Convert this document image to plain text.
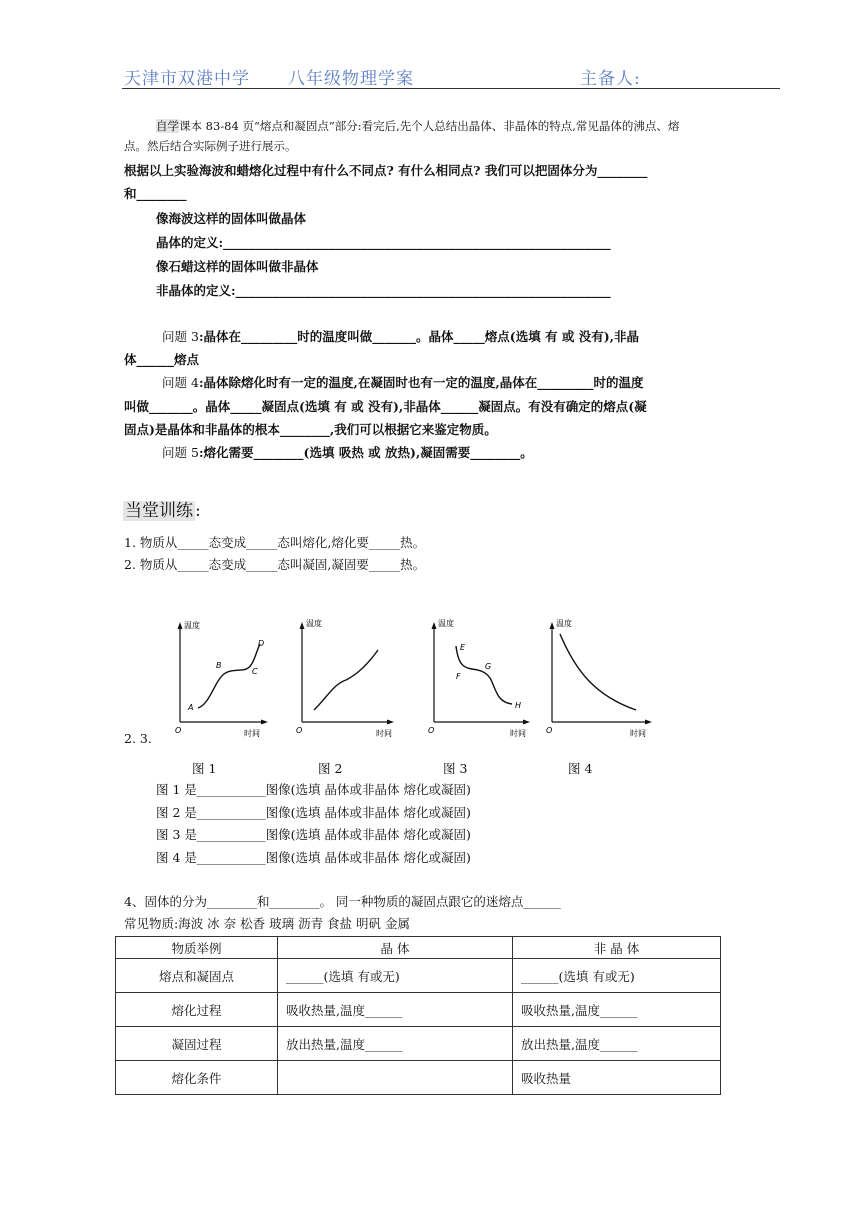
天津市双港中学 八年级物理学案	主备人:
自学课本 83-84 页“熔点和凝固点”部分:看完后,先个人总结出晶体、非晶体的特点,常见晶体的沸点、熔
点。然后结合实际例子进行展示。
根据以上实验海波和蜡熔化过程中有什么不同点? 有什么相同点? 我们可以把固体分为________
和________
像海波这样的固体叫做晶体
晶体的定义:______________________________________________________________
像石蜡这样的固体叫做非晶体
非晶体的定义:____________________________________________________________
问题 3:晶体在_________时的温度叫做_______。晶体_____熔点(选填 有 或 没有),非晶
体______熔点
问题 4:晶体除熔化时有一定的温度,在凝固时也有一定的温度,晶体在_________时的温度
叫做_______。晶体_____凝固点(选填 有 或 没有),非晶体______凝固点。有没有确定的熔点(凝
固点)是晶体和非晶体的根本________,我们可以根据它来鉴定物质。
问题 5:熔化需要________(选填 吸热 或 放热),凝固需要________。
当堂训练 :
1. 物质从_____态变成_____态叫熔化,熔化要_____热。
2. 物质从_____态变成_____态叫凝固,凝固要_____热。
温度
时间
O
A
B
C
D
温度
时间
O
温度
时间
O
E
F
G
H
温度
时间
O
2. 3.
图 1	图 2	图 3	图 4
图 1 是___________图像(选填 晶体或非晶体 熔化或凝固)
图 2 是___________图像(选填 晶体或非晶体 熔化或凝固)
图 3 是___________图像(选填 晶体或非晶体 熔化或凝固)
图 4 是___________图像(选填 晶体或非晶体 熔化或凝固)
4、固体的分为________和________。 同一种物质的凝固点跟它的迷熔点______
常见物质:海波 冰 奈 松香 玻璃 沥青 食盐 明矾 金属
物质举例	晶 体	非 晶 体
熔点和凝固点	______(选填 有或无)	______(选填 有或无)
熔化过程	吸收热量,温度______	吸收热量,温度______
凝固过程	放出热量,温度______	放出热量,温度______
熔化条件		吸收热量
